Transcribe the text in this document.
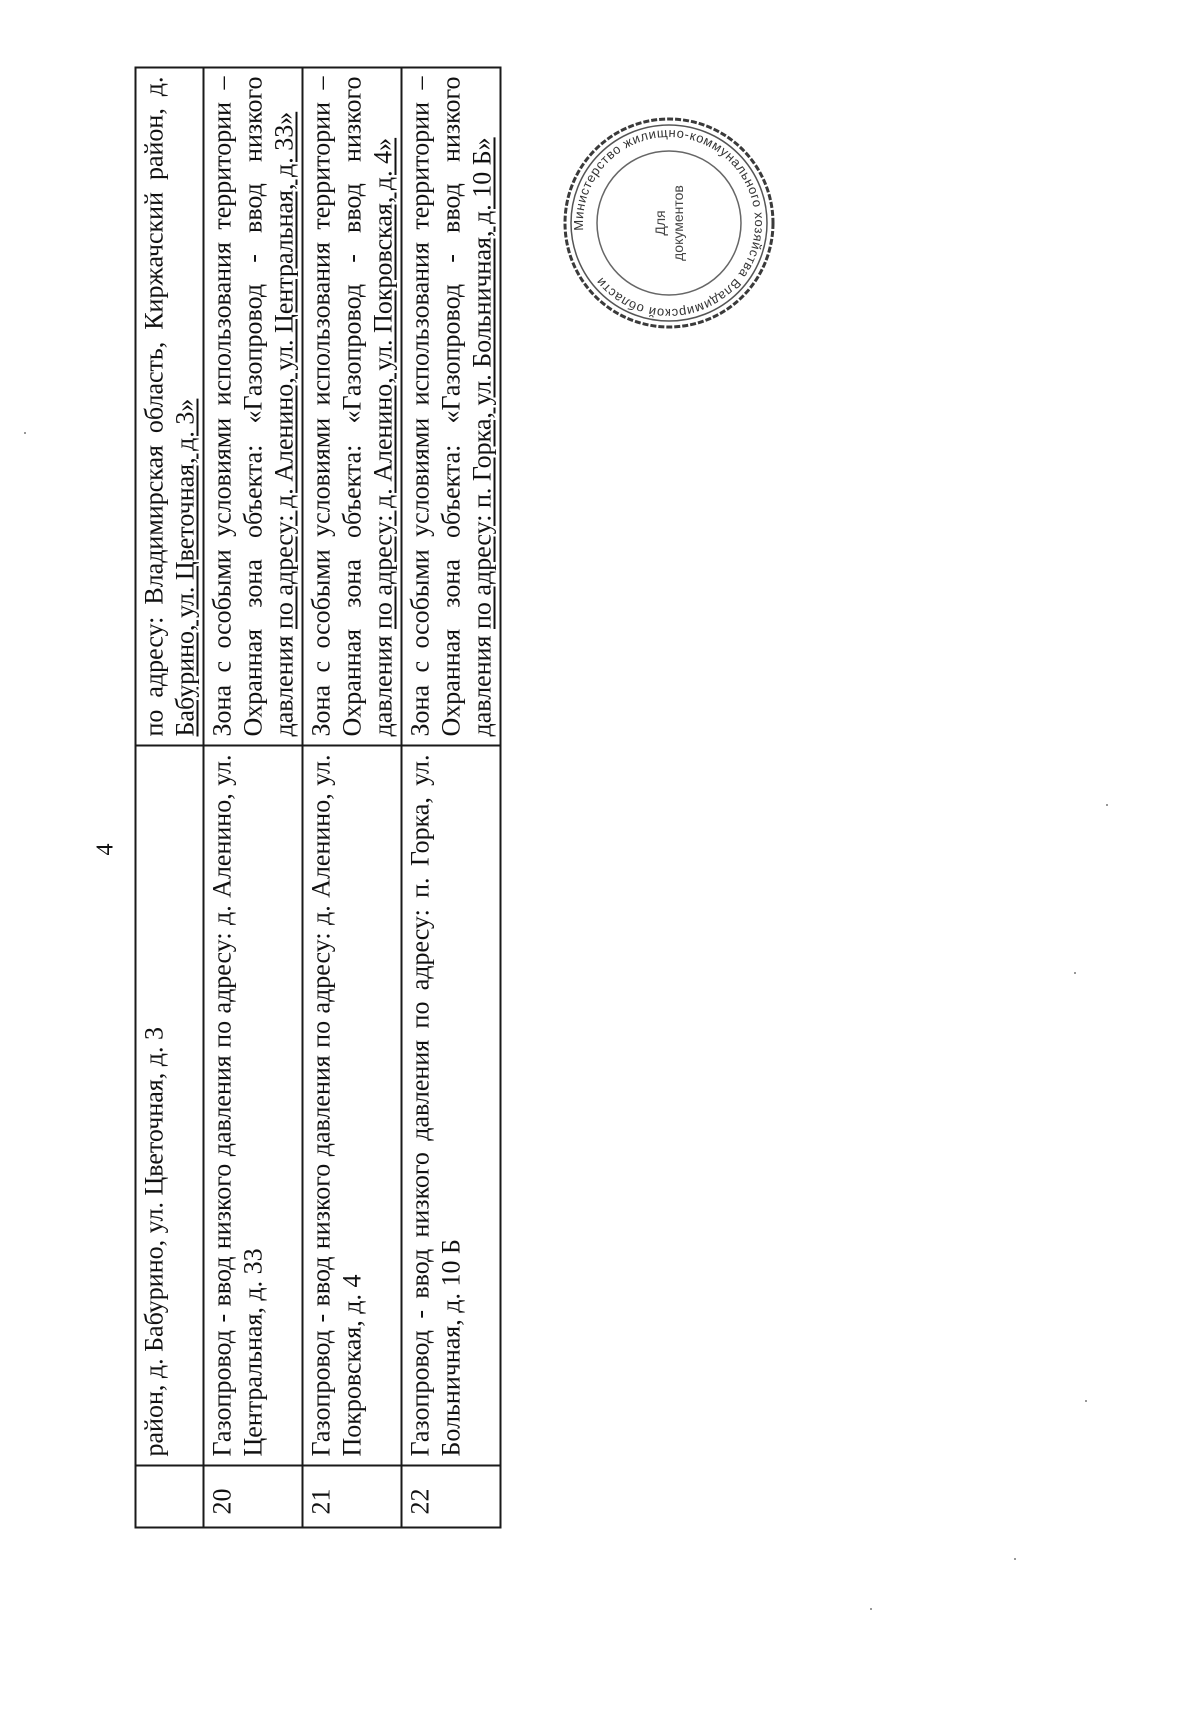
4
	район, д. Бабурино, ул. Цветочная, д. 3	по адресу: Владимирская область, Киржачский район, д. Бабурино, ул. Цветочная, д. 3»
20	Газопровод - ввод низкого давления по адресу: д. Аленино, ул. Центральная, д. 33	Зона с особыми условиями использования территории – Охранная зона объекта: «Газопровод - ввод низкого давления по адресу: д. Аленино, ул. Центральная, д. 33»
21	Газопровод - ввод низкого давления по адресу: д. Аленино, ул. Покровская, д. 4	Зона с особыми условиями использования территории – Охранная зона объекта: «Газопровод - ввод низкого давления по адресу: д. Аленино, ул. Покровская, д. 4»
22	Газопровод - ввод низкого давления по адресу: п. Горка, ул. Больничная, д. 10 Б	Зона с особыми условиями использования территории – Охранная зона объекта: «Газопровод - ввод низкого давления по адресу: п. Горка, ул. Больничная, д. 10 Б»	Министерство жилищно-коммунального хозяйства Владимирской области
Для документов
